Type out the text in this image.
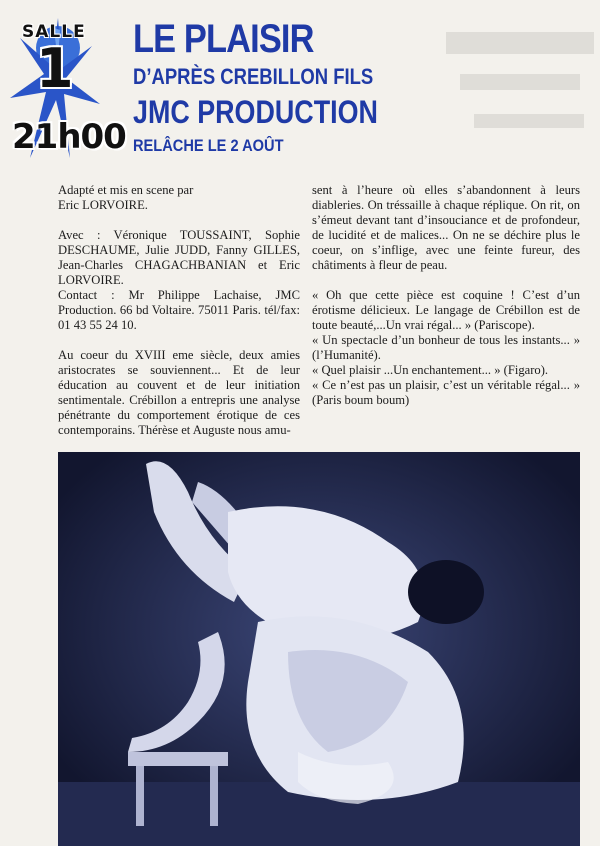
SALLE
1
21h00
LE PLAISIR
D’APRÈS CREBILLON FILS
JMC PRODUCTION
RELÂCHE LE 2 AOÛT

Adapté et mis en scene par

Eric LORVOIRE.

Avec : Véronique TOUSSAINT, Sophie DESCHAUME, Julie JUDD, Fanny GILLES, Jean-Charles CHAGACHBANIAN et Eric LORVOIRE.

Contact : Mr Philippe Lachaise, JMC Production. 66 bd Voltaire. 75011 Paris. tél/fax: 01 43 55 24 10.

Au coeur du XVIII eme siècle, deux amies aristocrates se souviennent... Et de leur éducation au couvent et de leur initiation sentimentale. Crébillon a entrepris une analyse pénétrante du comportement érotique de ces contemporains. Thérèse et Auguste nous amu-

sent à l’heure où elles s’abandonnent à leurs diableries. On tréssaille à chaque réplique. On rit, on s’émeut devant tant d’insouciance et de profondeur, de lucidité et de malices... On ne se déchire plus le coeur, on s’inflige, avec une feinte fureur, des châtiments à fleur de peau.

« Oh que cette pièce est coquine ! C’est d’un érotisme délicieux. Le langage de Crébillon est de toute beauté,...Un vrai régal... » (Pariscope).

« Un spectacle d’un bonheur de tous les instants... » (l’Humanité).

« Quel plaisir ...Un enchantement... » (Figaro).

« Ce n’est pas un plaisir, c’est un véritable régal... » (Paris boum boum)
